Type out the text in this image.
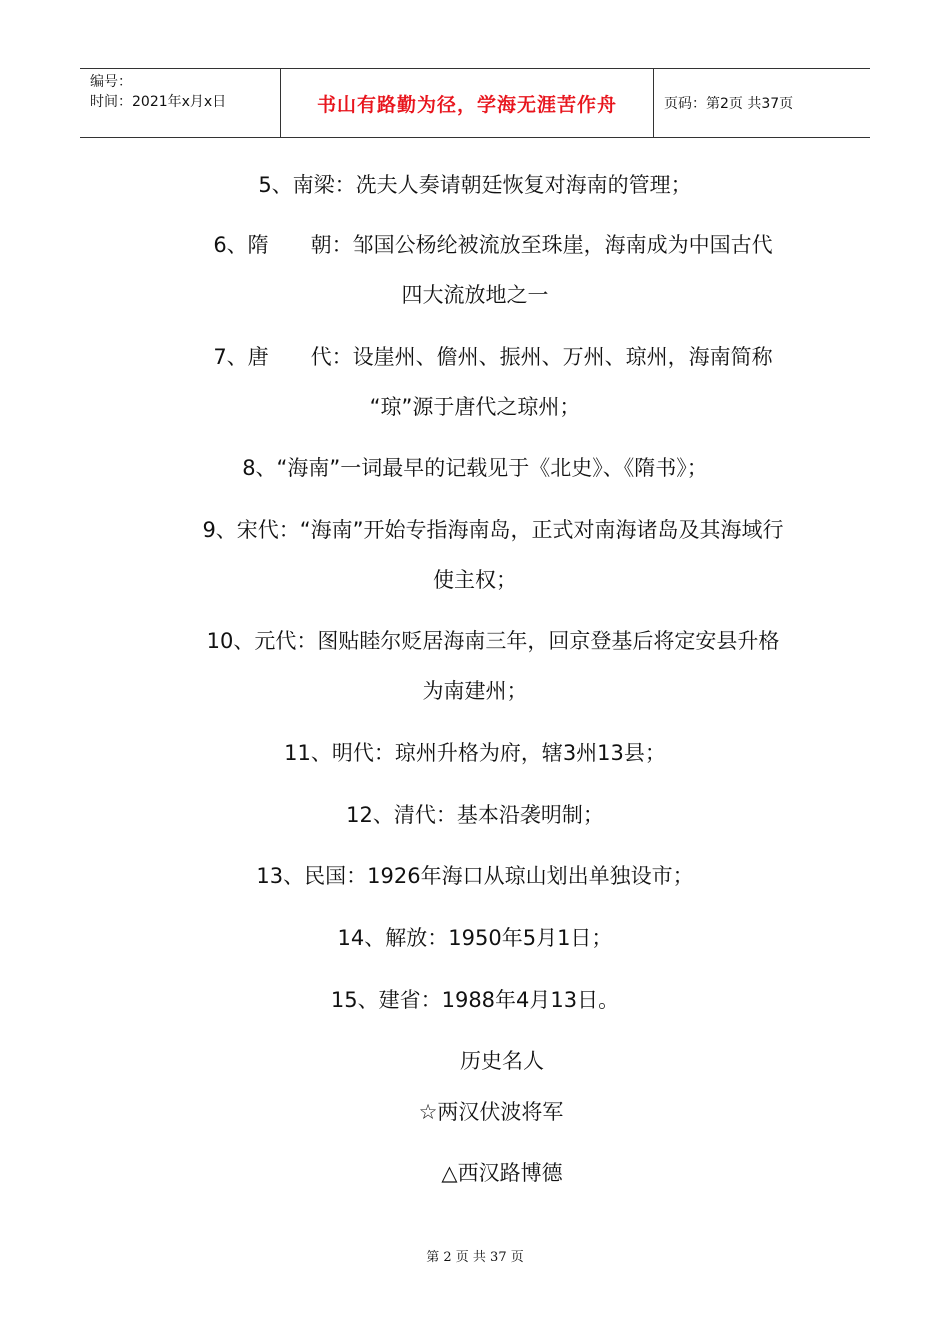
编号：
时间：2021年x月x日	书山有路勤为径，学海无涯苦作舟	页码：第2页 共37页
5、南梁：冼夫人奏请朝廷恢复对海南的管理；
6、隋　　朝：邹国公杨纶被流放至珠崖，海南成为中国古代
四大流放地之一
7、唐　　代：设崖州、儋州、振州、万州、琼州，海南简称
“琼”源于唐代之琼州；
8、“海南”一词最早的记载见于《北史》、《隋书》；
9、宋代：“海南”开始专指海南岛，正式对南海诸岛及其海域行
使主权；
10、元代：图贴睦尔贬居海南三年，回京登基后将定安县升格
为南建州；
11、明代：琼州升格为府，辖3州13县；
12、清代：基本沿袭明制；
13、民国：1926年海口从琼山划出单独设市；
14、解放：1950年5月1日；
15、建省：1988年4月13日。
历史名人
☆两汉伏波将军
△西汉路博德
第 2 页 共 37 页
